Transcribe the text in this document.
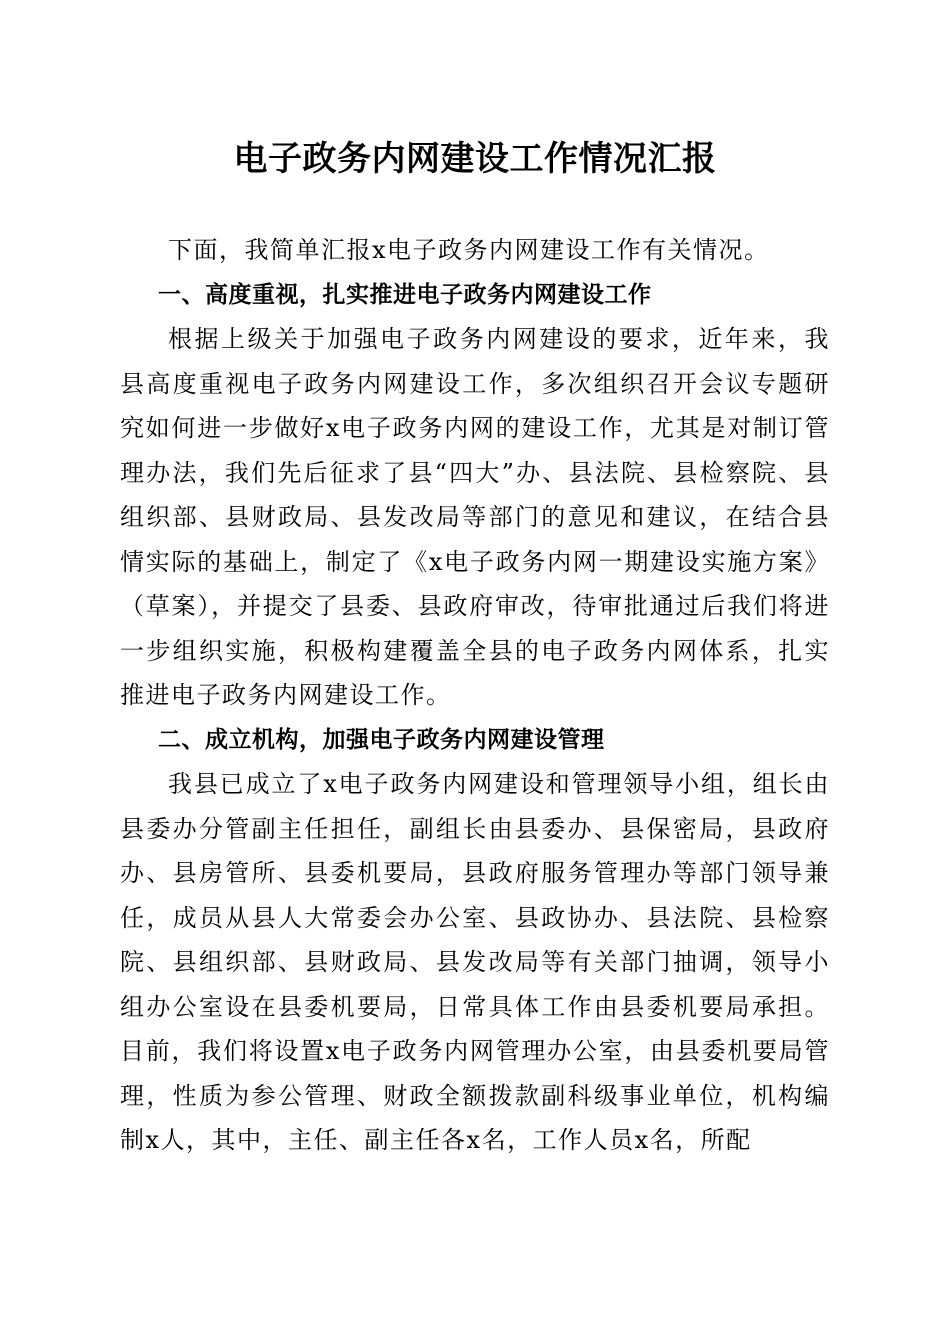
电子政务内网建设工作情况汇报

下面，我简单汇报x电子政务内网建设工作有关情况。

一、高度重视，扎实推进电子政务内网建设工作

根据上级关于加强电子政务内网建设的要求，近年来，我县高度重视电子政务内网建设工作，多次组织召开会议专题研究如何进一步做好x电子政务内网的建设工作，尤其是对制订管理办法，我们先后征求了县“四大”办、县法院、县检察院、县组织部、县财政局、县发改局等部门的意见和建议，在结合县情实际的基础上，制定了《x电子政务内网一期建设实施方案》（草案），并提交了县委、县政府审改，待审批通过后我们将进一步组织实施，积极构建覆盖全县的电子政务内网体系，扎实推进电子政务内网建设工作。

二、成立机构，加强电子政务内网建设管理

我县已成立了x电子政务内网建设和管理领导小组，组长由县委办分管副主任担任，副组长由县委办、县保密局，县政府办、县房管所、县委机要局，县政府服务管理办等部门领导兼任，成员从县人大常委会办公室、县政协办、县法院、县检察院、县组织部、县财政局、县发改局等有关部门抽调，领导小组办公室设在县委机要局，日常具体工作由县委机要局承担。目前，我们将设置x电子政务内网管理办公室，由县委机要局管理，性质为参公管理、财政全额拨款副科级事业单位，机构编制x人，其中，主任、副主任各x名，工作人员x名，所配
